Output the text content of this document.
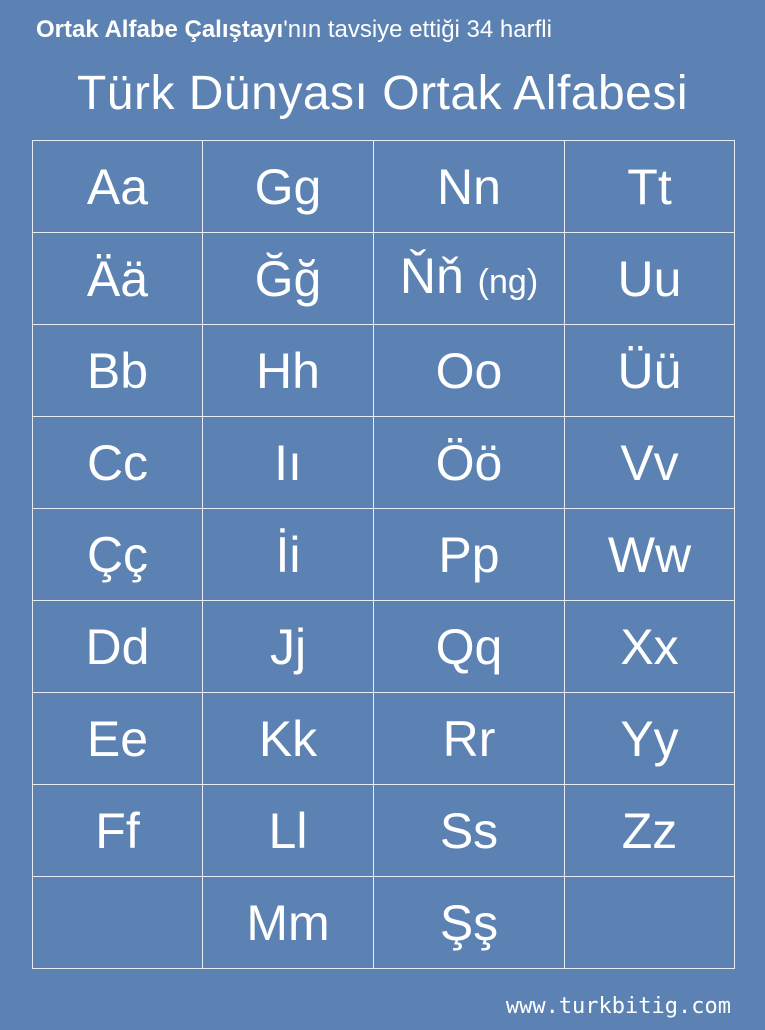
Ortak Alfabe Çalıştayı'nın tavsiye ettiği 34 harfli
Türk Dünyası Ortak Alfabesi
Aa	Gg	Nn	Tt
Ää	Ğğ	Ňň (ng)	Uu
Bb	Hh	Oo	Üü
Cc	Iı	Öö	Vv
Çç	İi	Pp	Ww
Dd	Jj	Qq	Xx
Ee	Kk	Rr	Yy
Ff	Ll	Ss	Zz
	Mm	Şş	
www.turkbitig.com
